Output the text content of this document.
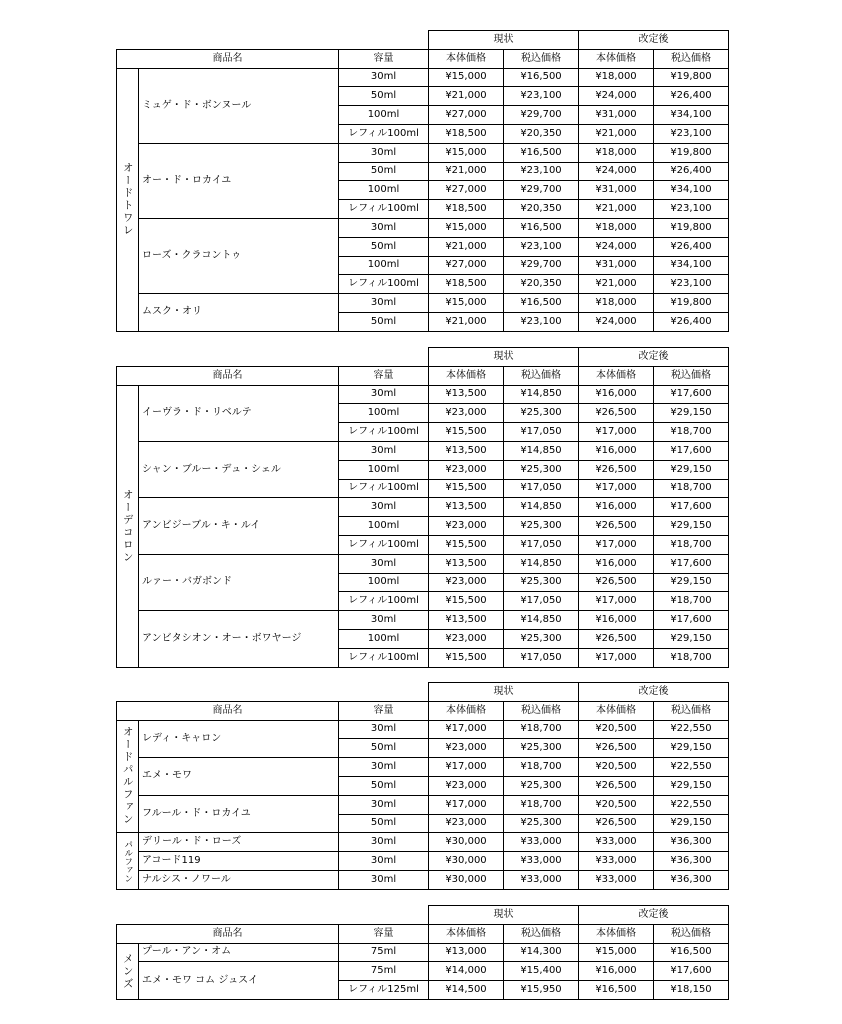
			現状		改定後	
商品名		容量	本体価格	税込価格	本体価格	税込価格
オードトワレ	ミュゲ・ド・ボンヌール	30ml	¥15,000	¥16,500	¥18,000	¥19,800
		50ml	¥21,000	¥23,100	¥24,000	¥26,400
		100ml	¥27,000	¥29,700	¥31,000	¥34,100
		レフィル100ml	¥18,500	¥20,350	¥21,000	¥23,100
	オー・ド・ロカイユ	30ml	¥15,000	¥16,500	¥18,000	¥19,800
		50ml	¥21,000	¥23,100	¥24,000	¥26,400
		100ml	¥27,000	¥29,700	¥31,000	¥34,100
		レフィル100ml	¥18,500	¥20,350	¥21,000	¥23,100
	ローズ・クラコントゥ	30ml	¥15,000	¥16,500	¥18,000	¥19,800
		50ml	¥21,000	¥23,100	¥24,000	¥26,400
		100ml	¥27,000	¥29,700	¥31,000	¥34,100
		レフィル100ml	¥18,500	¥20,350	¥21,000	¥23,100
	ムスク・オリ	30ml	¥15,000	¥16,500	¥18,000	¥19,800
		50ml	¥21,000	¥23,100	¥24,000	¥26,400
			現状		改定後	
商品名		容量	本体価格	税込価格	本体価格	税込価格
オーデコロン	イーヴラ・ド・リベルテ	30ml	¥13,500	¥14,850	¥16,000	¥17,600
		100ml	¥23,000	¥25,300	¥26,500	¥29,150
		レフィル100ml	¥15,500	¥17,050	¥17,000	¥18,700
	シャン・ブルー・デュ・シェル	30ml	¥13,500	¥14,850	¥16,000	¥17,600
		100ml	¥23,000	¥25,300	¥26,500	¥29,150
		レフィル100ml	¥15,500	¥17,050	¥17,000	¥18,700
	アンビジーブル・キ・ルイ	30ml	¥13,500	¥14,850	¥16,000	¥17,600
		100ml	¥23,000	¥25,300	¥26,500	¥29,150
		レフィル100ml	¥15,500	¥17,050	¥17,000	¥18,700
	ルァー・バガボンド	30ml	¥13,500	¥14,850	¥16,000	¥17,600
		100ml	¥23,000	¥25,300	¥26,500	¥29,150
		レフィル100ml	¥15,500	¥17,050	¥17,000	¥18,700
	アンビタシオン・オー・ボワヤージ	30ml	¥13,500	¥14,850	¥16,000	¥17,600
		100ml	¥23,000	¥25,300	¥26,500	¥29,150
		レフィル100ml	¥15,500	¥17,050	¥17,000	¥18,700
			現状		改定後	
商品名		容量	本体価格	税込価格	本体価格	税込価格
オードパルファン	レディ・キャロン	30ml	¥17,000	¥18,700	¥20,500	¥22,550
		50ml	¥23,000	¥25,300	¥26,500	¥29,150
	エメ・モワ	30ml	¥17,000	¥18,700	¥20,500	¥22,550
		50ml	¥23,000	¥25,300	¥26,500	¥29,150
	フルール・ド・ロカイユ	30ml	¥17,000	¥18,700	¥20,500	¥22,550
		50ml	¥23,000	¥25,300	¥26,500	¥29,150
パルファン	デリール・ド・ローズ	30ml	¥30,000	¥33,000	¥33,000	¥36,300
	アコード119	30ml	¥30,000	¥33,000	¥33,000	¥36,300
	ナルシス・ノワール	30ml	¥30,000	¥33,000	¥33,000	¥36,300
			現状		改定後	
商品名		容量	本体価格	税込価格	本体価格	税込価格
メンズ	プール・アン・オム	75ml	¥13,000	¥14,300	¥15,000	¥16,500
	エメ・モワ コム ジュスイ	75ml	¥14,000	¥15,400	¥16,000	¥17,600
		レフィル125ml	¥14,500	¥15,950	¥16,500	¥18,150
